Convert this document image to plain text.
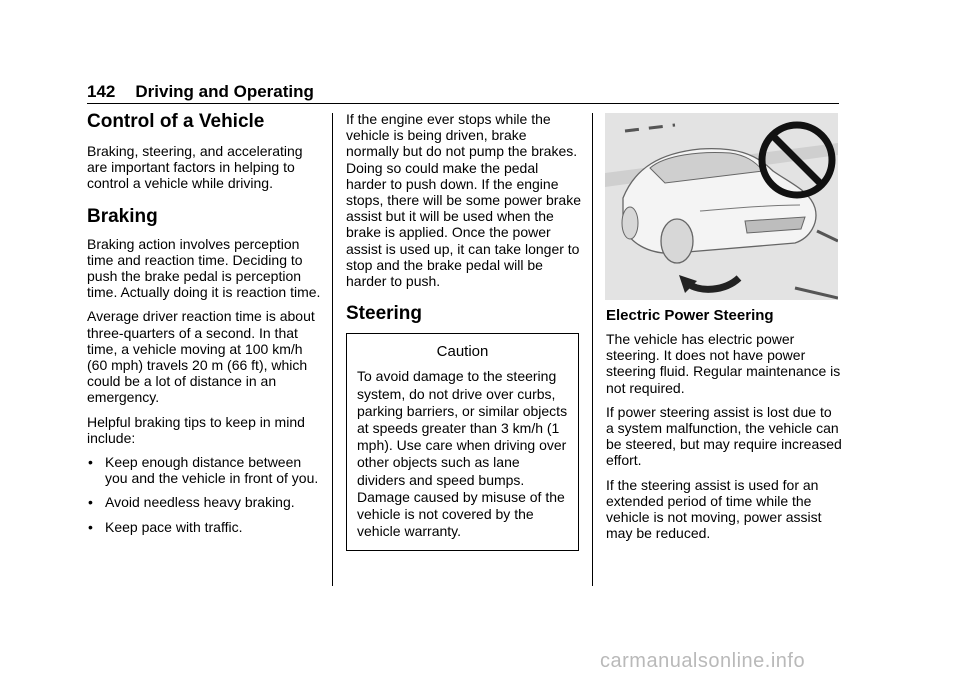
142 Driving and Operating
Control of a Vehicle

Braking, steering, and accelerating are important factors in helping to control a vehicle while driving.

Braking

Braking action involves perception time and reaction time. Deciding to push the brake pedal is perception time. Actually doing it is reaction time.

Average driver reaction time is about three-quarters of a second. In that time, a vehicle moving at 100 km/h (60 mph) travels 20 m (66 ft), which could be a lot of distance in an emergency.

Helpful braking tips to keep in mind include:

• Keep enough distance between you and the vehicle in front of you.
• Avoid needless heavy braking.
• Keep pace with traffic.

If the engine ever stops while the vehicle is being driven, brake normally but do not pump the brakes. Doing so could make the pedal harder to push down. If the engine stops, there will be some power brake assist but it will be used when the brake is applied. Once the power assist is used up, it can take longer to stop and the brake pedal will be harder to push.

Steering
Caution
To avoid damage to the steering system, do not drive over curbs, parking barriers, or similar objects at speeds greater than 3 km/h (1 mph). Use care when driving over other objects such as lane dividers and speed bumps. Damage caused by misuse of the vehicle is not covered by the vehicle warranty.
Electric Power Steering

The vehicle has electric power steering. It does not have power steering fluid. Regular maintenance is not required.

If power steering assist is lost due to a system malfunction, the vehicle can be steered, but may require increased effort.

If the steering assist is used for an extended period of time while the vehicle is not moving, power assist may be reduced.

carmanualsonline.info
